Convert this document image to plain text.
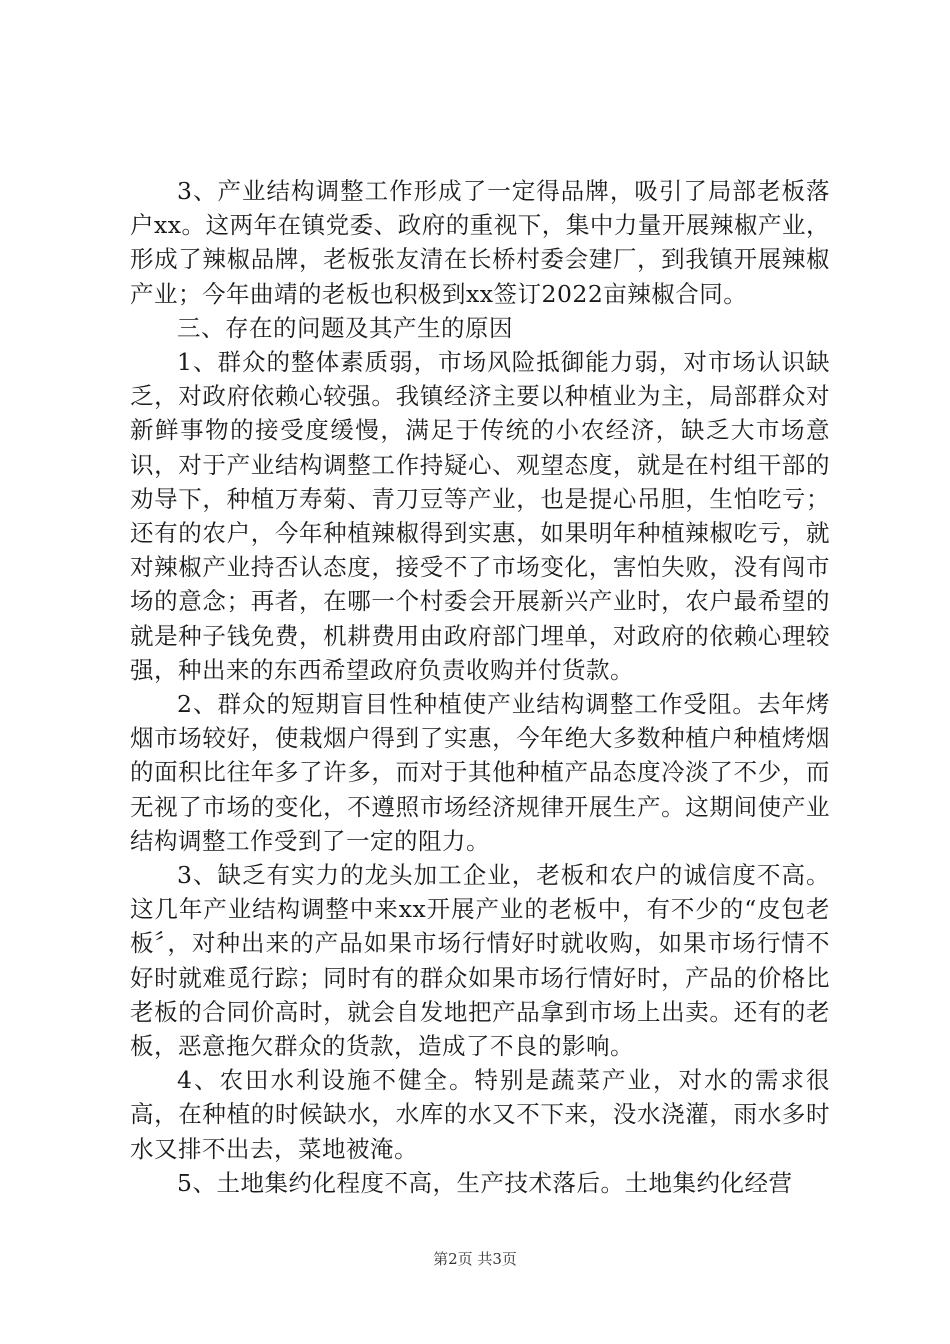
3、产业结构调整工作形成了一定得品牌，吸引了局部老板落户xx。这两年在镇党委、政府的重视下，集中力量开展辣椒产业，形成了辣椒品牌，老板张友清在长桥村委会建厂，到我镇开展辣椒产业；今年曲靖的老板也积极到xx签订2022亩辣椒合同。

三、存在的问题及其产生的原因

1、群众的整体素质弱，市场风险抵御能力弱，对市场认识缺乏，对政府依赖心较强。我镇经济主要以种植业为主，局部群众对新鲜事物的接受度缓慢，满足于传统的小农经济，缺乏大市场意识，对于产业结构调整工作持疑心、观望态度，就是在村组干部的劝导下，种植万寿菊、青刀豆等产业，也是提心吊胆，生怕吃亏；还有的农户，今年种植辣椒得到实惠，如果明年种植辣椒吃亏，就对辣椒产业持否认态度，接受不了市场变化，害怕失败，没有闯市场的意念；再者，在哪一个村委会开展新兴产业时，农户最希望的就是种子钱免费，机耕费用由政府部门埋单，对政府的依赖心理较强，种出来的东西希望政府负责收购并付货款。

2、群众的短期盲目性种植使产业结构调整工作受阻。去年烤烟市场较好，使栽烟户得到了实惠，今年绝大多数种植户种植烤烟的面积比往年多了许多，而对于其他种植产品态度冷淡了不少，而无视了市场的变化，不遵照市场经济规律开展生产。这期间使产业结构调整工作受到了一定的阻力。

3、缺乏有实力的龙头加工企业，老板和农户的诚信度不高。这几年产业结构调整中来xx开展产业的老板中，有不少的“皮包老板〞，对种出来的产品如果市场行情好时就收购，如果市场行情不好时就难觅行踪；同时有的群众如果市场行情好时，产品的价格比老板的合同价高时，就会自发地把产品拿到市场上出卖。还有的老板，恶意拖欠群众的货款，造成了不良的影响。

4、农田水利设施不健全。特别是蔬菜产业，对水的需求很高，在种植的时候缺水，水库的水又不下来，没水浇灌，雨水多时水又排不出去，菜地被淹。

5、土地集约化程度不高，生产技术落后。土地集约化经营

第2页 共3页
